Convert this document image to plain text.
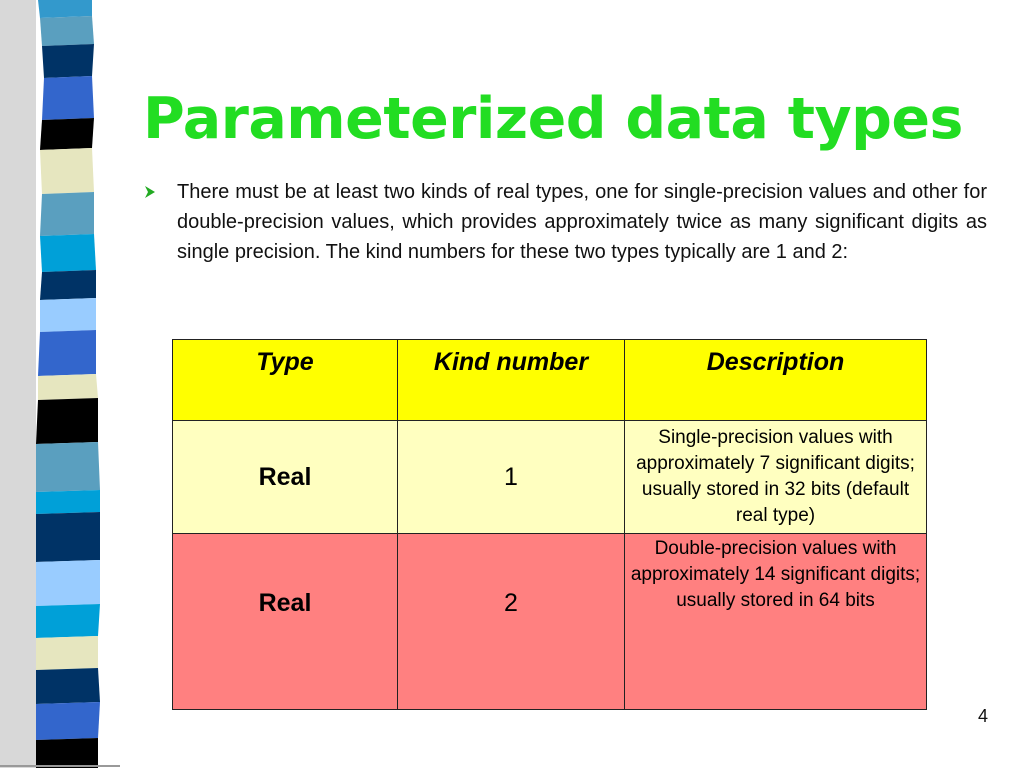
Parameterized data types
There must be at least two kinds of real types, one for single-precision values and other for double-precision values, which provides approximately twice as many significant digits as single precision. The kind numbers for these two types typically are 1 and 2:
Type	Kind number	Description
Real	1	Single-precision values with approximately 7 significant digits; usually stored in 32 bits (default real type)
Real	2	Double-precision values with approximately 14 significant digits; usually stored in 64 bits
4
